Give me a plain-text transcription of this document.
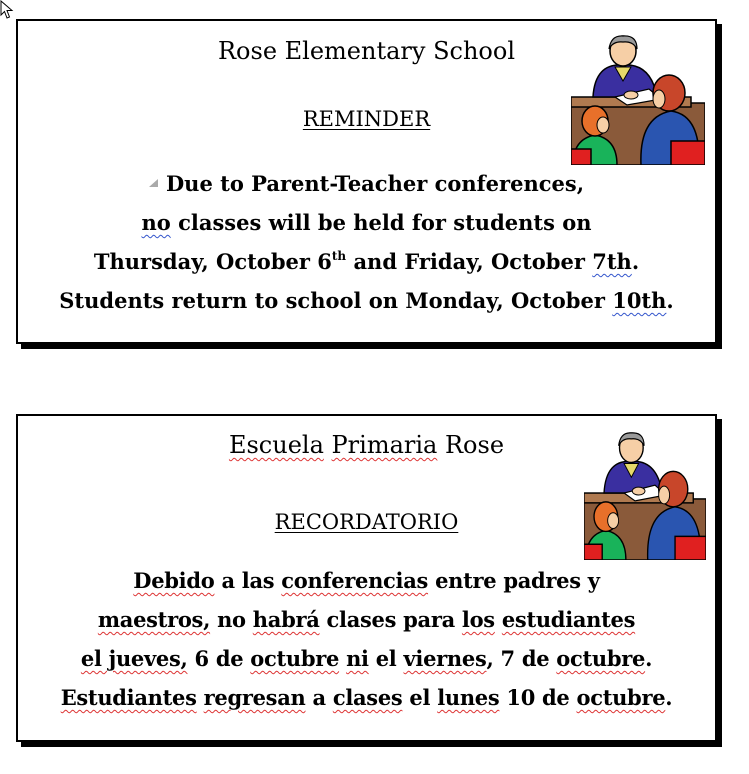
Rose Elementary School
REMINDER
Due to Parent-Teacher conferences,
no classes will be held for students on
Thursday, October 6th and Friday, October 7th.
Students return to school on Monday, October 10th.
Escuela Primaria Rose
RECORDATORIO
Debido a las conferencias entre padres y
maestros, no habrá clases para los estudiantes
el jueves, 6 de octubre ni el viernes, 7 de octubre.
Estudiantes regresan a clases el lunes 10 de octubre.
